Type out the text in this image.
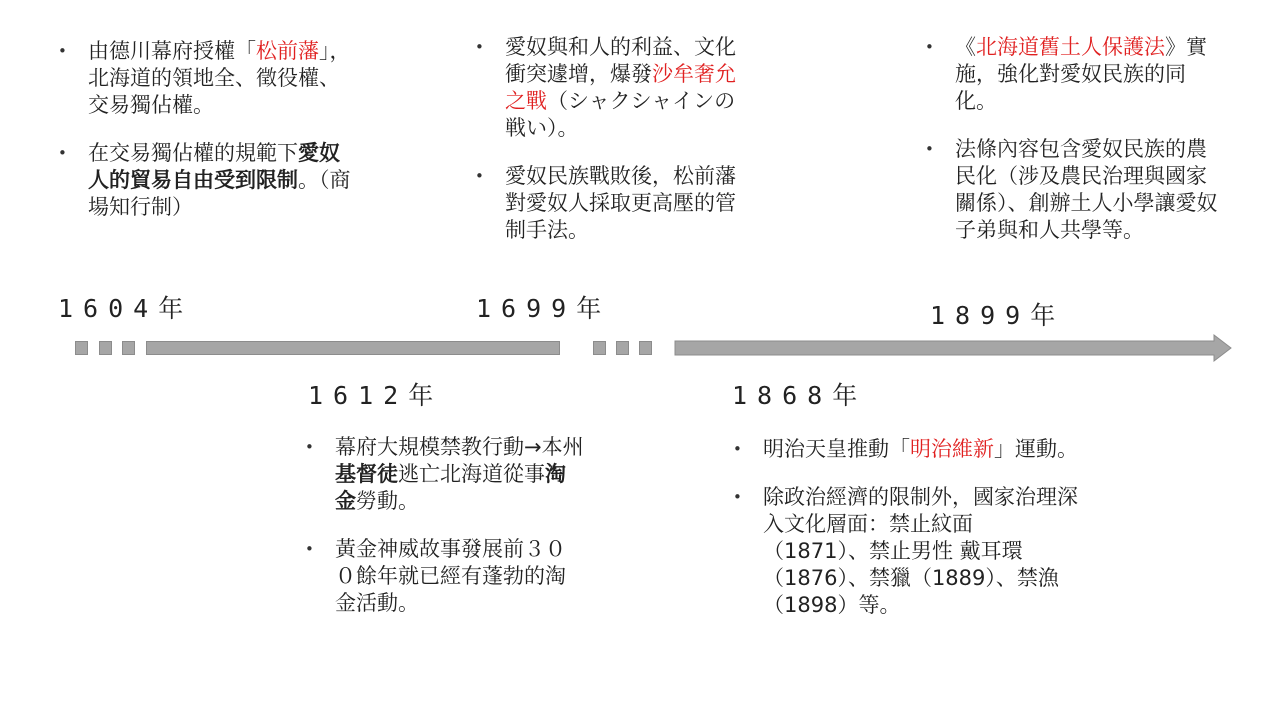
1604年
1612年
1699年
1868年
1899年
• 由德川幕府授權「松前藩」，北海道的領地全、徵役權、交易獨佔權。
• 在交易獨佔權的規範下愛奴人的貿易自由受到限制。（商場知行制）
• 愛奴與和人的利益、文化衝突遽增，爆發沙牟奢允之戰（シャクシャインの戦い）。
• 愛奴民族戰敗後，松前藩對愛奴人採取更高壓的管制手法。
• 《北海道舊土人保護法》實施，強化對愛奴民族的同化。
• 法條內容包含愛奴民族的農民化（涉及農民治理與國家關係）、創辦土人小學讓愛奴子弟與和人共學等。
• 幕府大規模禁教行動→本州基督徒逃亡北海道從事淘金勞動。
• 黃金神威故事發展前３００餘年就已經有蓬勃的淘金活動。
• 明治天皇推動「明治維新」運動。
• 除政治經濟的限制外，國家治理深入文化層面：禁止紋面（1871）、禁止男性 戴耳環（1876）、禁獵（1889）、禁漁（1898）等。
